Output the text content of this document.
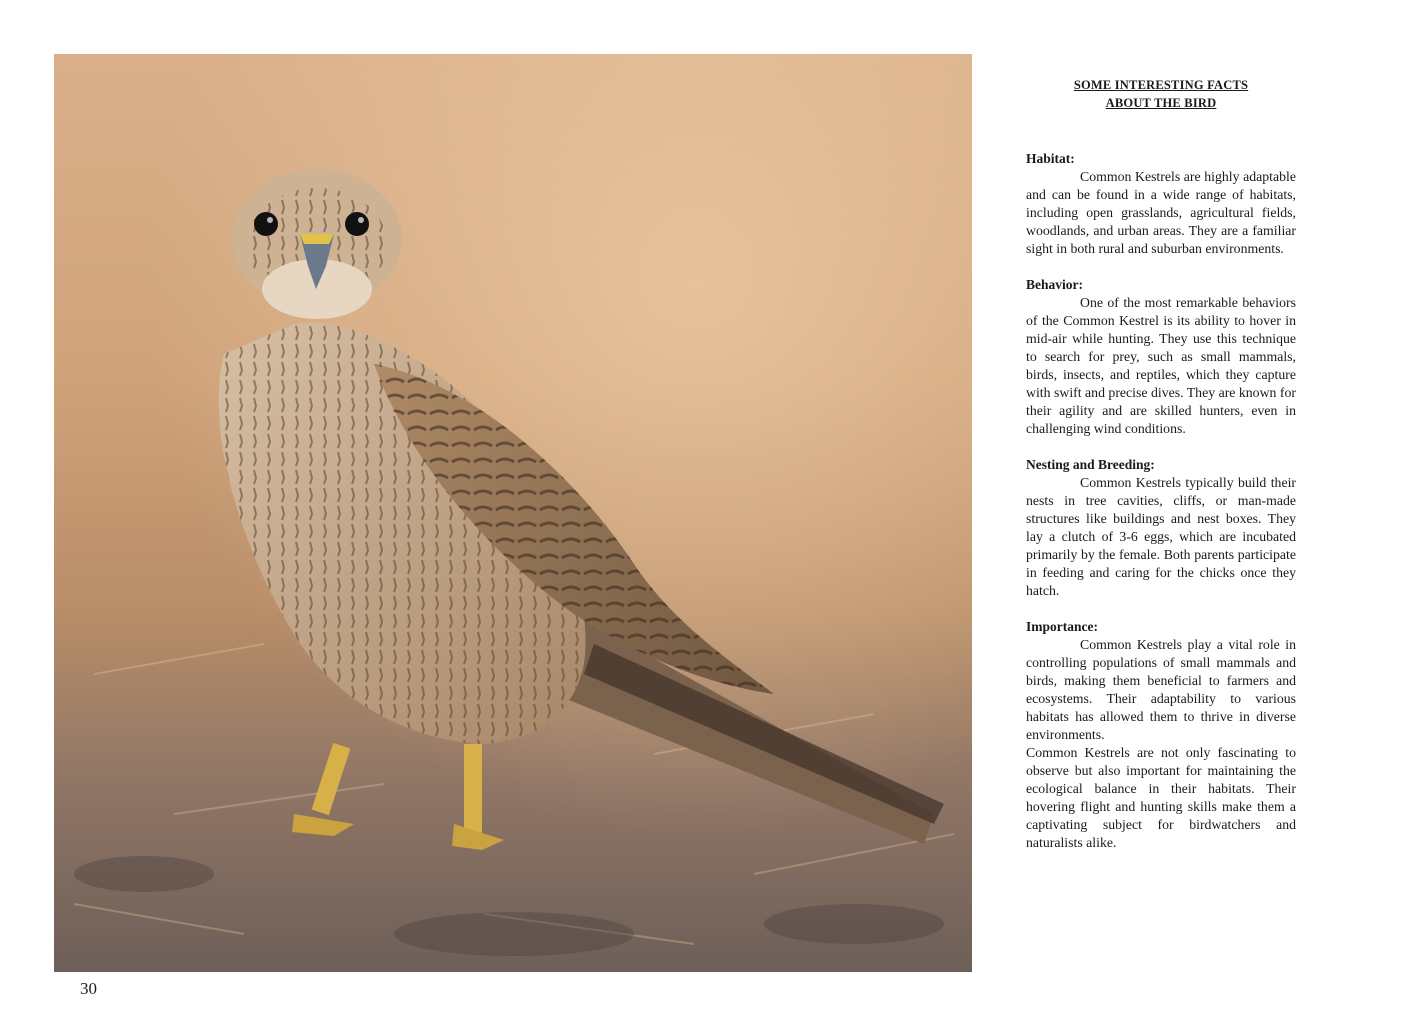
30
SOME INTERESTING FACTS
ABOUT THE BIRD
Habitat:

Common Kestrels are highly adaptable and can be found in a wide range of habitats, including open grasslands, agricultural fields, woodlands, and urban areas. They are a familiar sight in both rural and suburban environments.

Behavior:

One of the most remarkable behaviors of the Common Kestrel is its ability to hover in mid-air while hunting. They use this technique to search for prey, such as small mammals, birds, insects, and reptiles, which they capture with swift and precise dives. They are known for their agility and are skilled hunters, even in challenging wind conditions.

Nesting and Breeding:

Common Kestrels typically build their nests in tree cavities, cliffs, or man-made structures like buildings and nest boxes. They lay a clutch of 3-6 eggs, which are incubated primarily by the female. Both parents participate in feeding and caring for the chicks once they hatch.

Importance:

Common Kestrels play a vital role in controlling populations of small mammals and birds, making them beneficial to farmers and ecosystems. Their adaptability to various habitats has allowed them to thrive in diverse environments.

Common Kestrels are not only fascinating to observe but also important for maintaining the ecological balance in their habitats. Their hovering flight and hunting skills make them a captivating subject for birdwatchers and naturalists alike.
